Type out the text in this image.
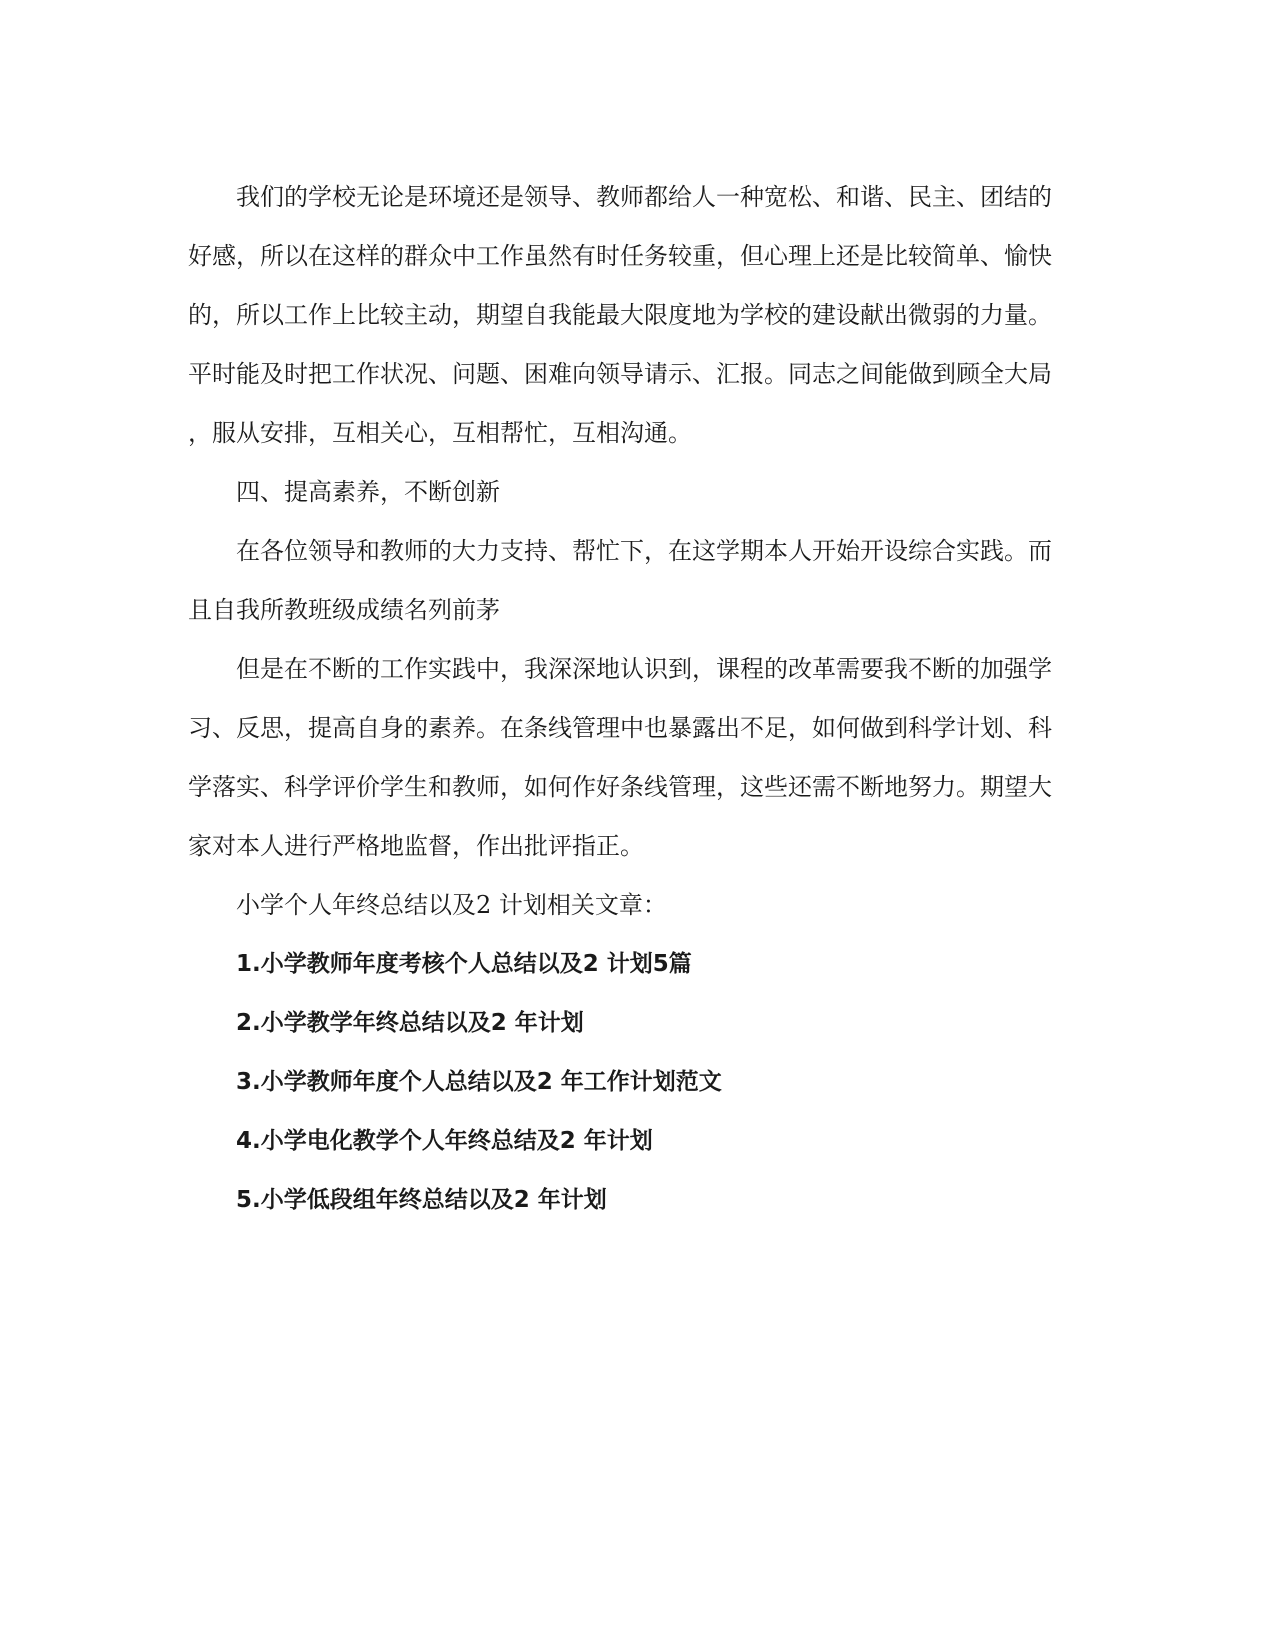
我们的学校无论是环境还是领导、教师都给人一种宽松、和谐、民主、团结的
好感，所以在这样的群众中工作虽然有时任务较重，但心理上还是比较简单、愉快
的，所以工作上比较主动，期望自我能最大限度地为学校的建设献出微弱的力量。
平时能及时把工作状况、问题、困难向领导请示、汇报。同志之间能做到顾全大局
，服从安排，互相关心，互相帮忙，互相沟通。
四、提高素养，不断创新
在各位领导和教师的大力支持、帮忙下，在这学期本人开始开设综合实践。而
且自我所教班级成绩名列前茅
但是在不断的工作实践中，我深深地认识到，课程的改革需要我不断的加强学
习、反思，提高自身的素养。在条线管理中也暴露出不足，如何做到科学计划、科
学落实、科学评价学生和教师，如何作好条线管理，这些还需不断地努力。期望大
家对本人进行严格地监督，作出批评指正。
小学个人年终总结以及2 计划相关文章：
1.小学教师年度考核个人总结以及2 计划5篇
2.小学教学年终总结以及2 年计划
3.小学教师年度个人总结以及2 年工作计划范文
4.小学电化教学个人年终总结及2 年计划
5.小学低段组年终总结以及2 年计划
